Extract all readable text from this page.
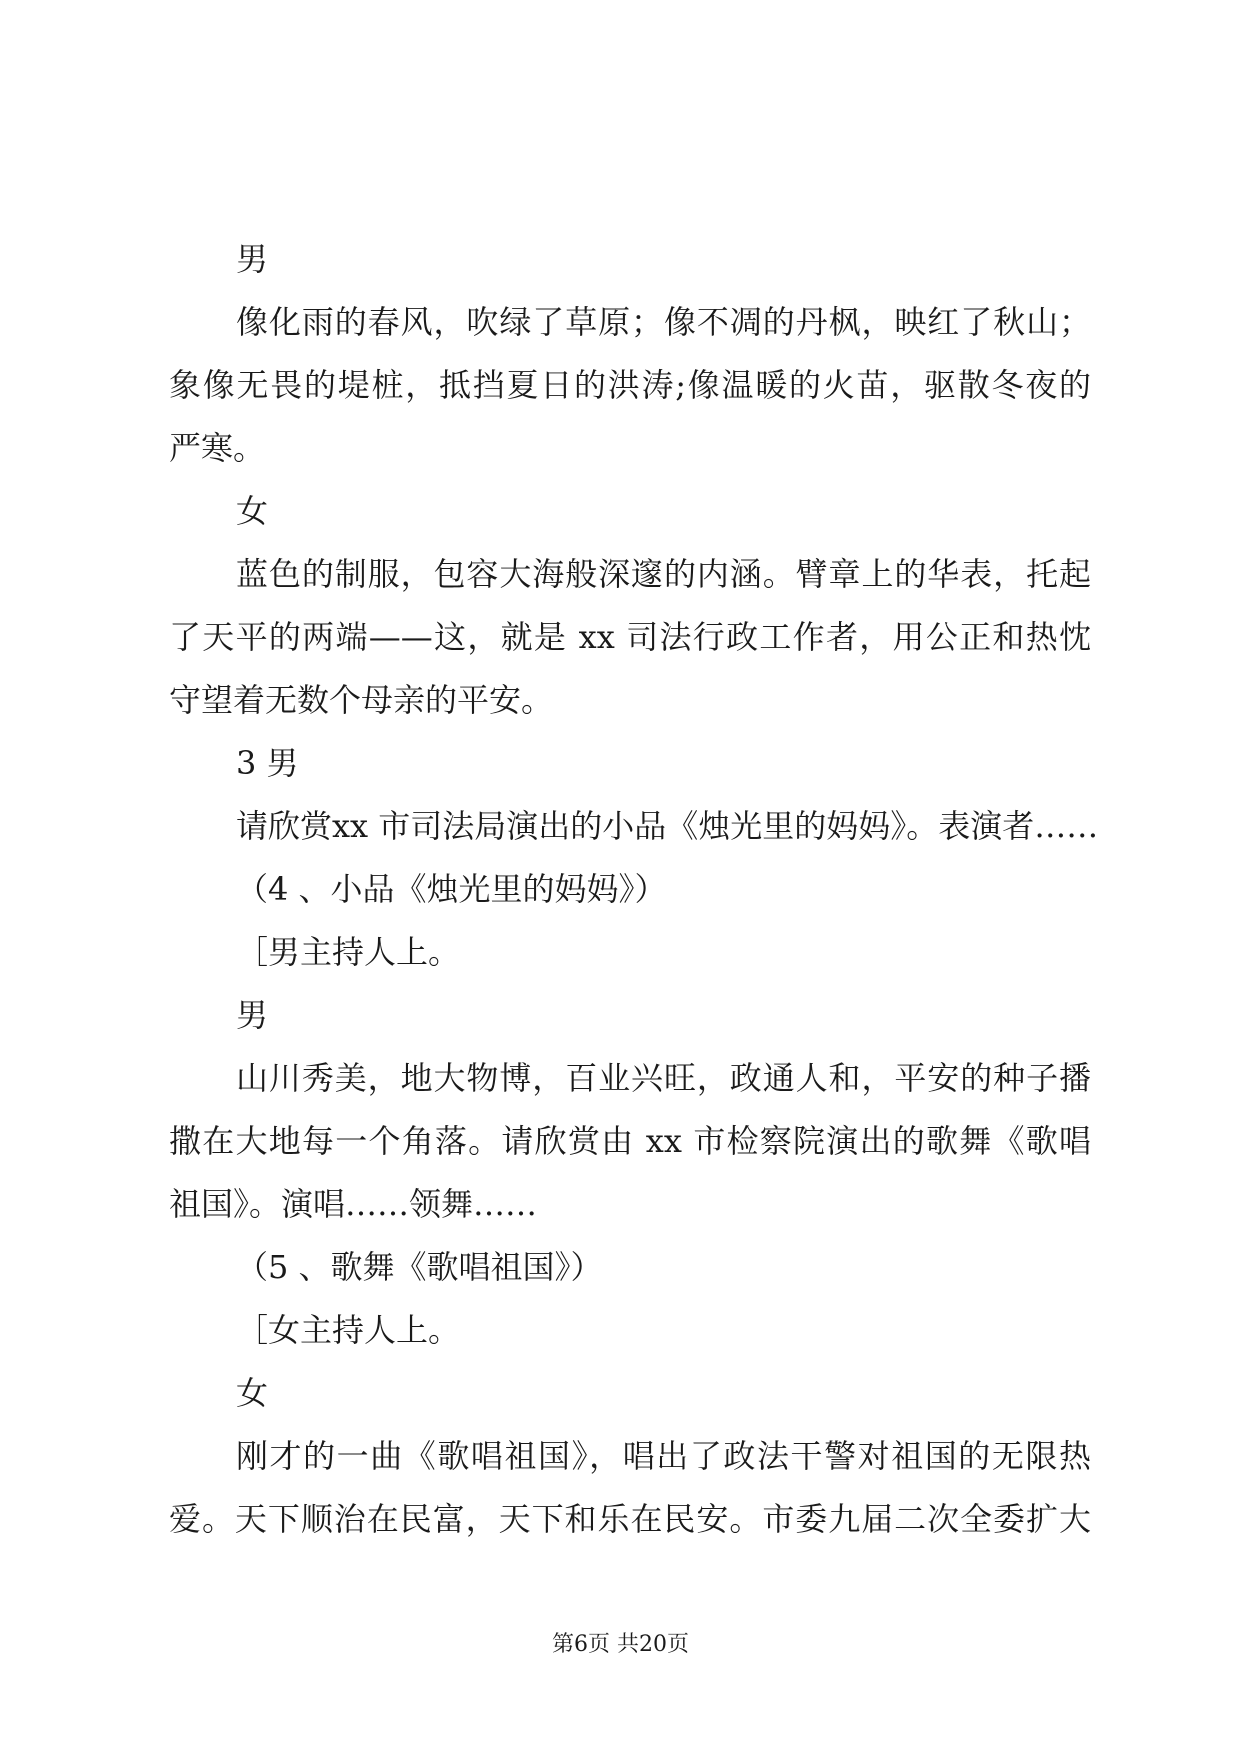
男
像化雨的春风，吹绿了草原；像不凋的丹枫，映红了秋山；
象像无畏的堤桩，抵挡夏日的洪涛;像温暖的火苗，驱散冬夜的
严寒。
女
蓝色的制服，包容大海般深邃的内涵。臂章上的华表，托起
了天平的两端——这，就是 xx 司法行政工作者，用公正和热忱
守望着无数个母亲的平安。
3 男
请欣赏xx 市司法局演出的小品《烛光里的妈妈》。表演者……
（4 、小品《烛光里的妈妈》）
［男主持人上。
男
山川秀美，地大物博，百业兴旺，政通人和，平安的种子播
撒在大地每一个角落。请欣赏由 xx 市检察院演出的歌舞《歌唱
祖国》。演唱……领舞……
（5 、歌舞《歌唱祖国》）
［女主持人上。
女
刚才的一曲《歌唱祖国》，唱出了政法干警对祖国的无限热
爱。天下顺治在民富，天下和乐在民安。市委九届二次全委扩大
第6页 共20页
